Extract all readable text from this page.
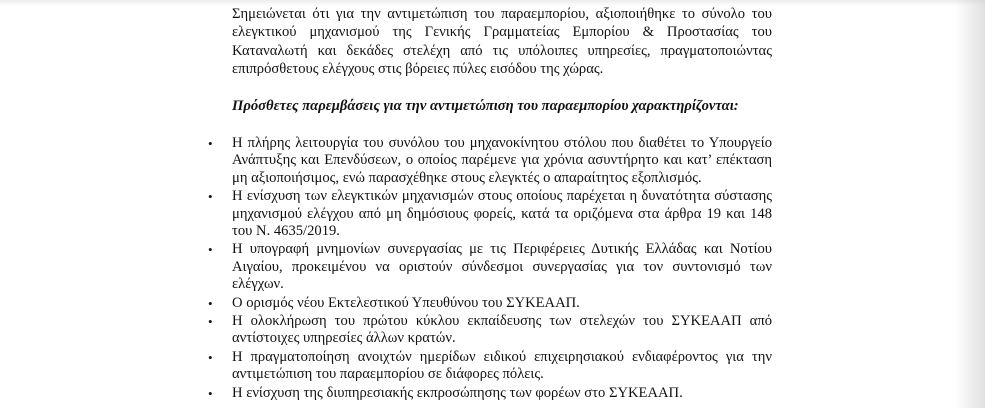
Σημειώνεται ότι για την αντιμετώπιση του παραεμπορίου, αξιοποιήθηκε το σύνολο του ελεγκτικού μηχανισμού της Γενικής Γραμματείας Εμπορίου & Προστασίας του Καταναλωτή και δεκάδες στελέχη από τις υπόλοιπες υπηρεσίες, πραγματοποιώντας επιπρόσθετους ελέγχους στις βόρειες πύλες εισόδου της χώρας.

Πρόσθετες παρεμβάσεις για την αντιμετώπιση του παραεμπορίου χαρακτηρίζονται:

• Η πλήρης λειτουργία του συνόλου του μηχανοκίνητου στόλου που διαθέτει το Υπουργείο Ανάπτυξης και Επενδύσεων, ο οποίος παρέμενε για χρόνια ασυντήρητο και κατ’ επέκταση μη αξιοποιήσιμος, ενώ παρασχέθηκε στους ελεγκτές ο απαραίτητος εξοπλισμός.
• Η ενίσχυση των ελεγκτικών μηχανισμών στους οποίους παρέχεται η δυνατότητα σύστασης μηχανισμού ελέγχου από μη δημόσιους φορείς, κατά τα οριζόμενα στα άρθρα 19 και 148 του Ν. 4635/2019.
• Η υπογραφή μνημονίων συνεργασίας με τις Περιφέρειες Δυτικής Ελλάδας και Νοτίου Αιγαίου, προκειμένου να οριστούν σύνδεσμοι συνεργασίας για τον συντονισμό των ελέγχων.
• Ο ορισμός νέου Εκτελεστικού Υπευθύνου του ΣΥΚΕΑΑΠ.
• Η ολοκλήρωση του πρώτου κύκλου εκπαίδευσης των στελεχών του ΣΥΚΕΑΑΠ από αντίστοιχες υπηρεσίες άλλων κρατών.
• Η πραγματοποίηση ανοιχτών ημερίδων ειδικού επιχειρησιακού ενδιαφέροντος για την αντιμετώπιση του παραεμπορίου σε διάφορες πόλεις.
• Η ενίσχυση της διυπηρεσιακής εκπροσώπησης των φορέων στο ΣΥΚΕΑΑΠ.
